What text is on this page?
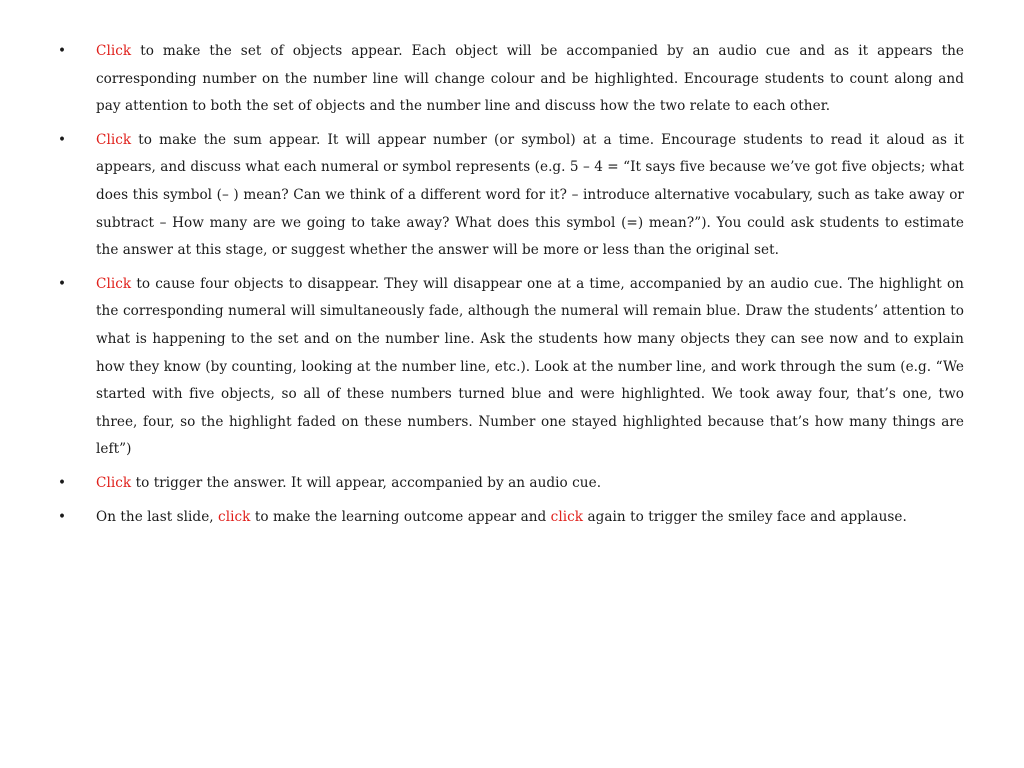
• Click to make the set of objects appear. Each object will be accompanied by an audio cue and as it appears the corresponding number on the number line will change colour and be highlighted. Encourage students to count along and pay attention to both the set of objects and the number line and discuss how the two relate to each other.
• Click to make the sum appear. It will appear number (or symbol) at a time. Encourage students to read it aloud as it appears, and discuss what each numeral or symbol represents (e.g. 5 – 4 = “It says five because we’ve got five objects; what does this symbol (– ) mean? Can we think of a different word for it? – introduce alternative vocabulary, such as take away or subtract – How many are we going to take away? What does this symbol (=) mean?”). You could ask students to estimate the answer at this stage, or suggest whether the answer will be more or less than the original set.
• Click to cause four objects to disappear. They will disappear one at a time, accompanied by an audio cue. The highlight on the corresponding numeral will simultaneously fade, although the numeral will remain blue. Draw the students’ attention to what is happening to the set and on the number line. Ask the students how many objects they can see now and to explain how they know (by counting, looking at the number line, etc.). Look at the number line, and work through the sum (e.g. “We started with five objects, so all of these numbers turned blue and were highlighted. We took away four, that’s one, two three, four, so the highlight faded on these numbers. Number one stayed highlighted because that’s how many things are left”)
• Click to trigger the answer. It will appear, accompanied by an audio cue.
• On the last slide, click to make the learning outcome appear and click again to trigger the smiley face and applause.
